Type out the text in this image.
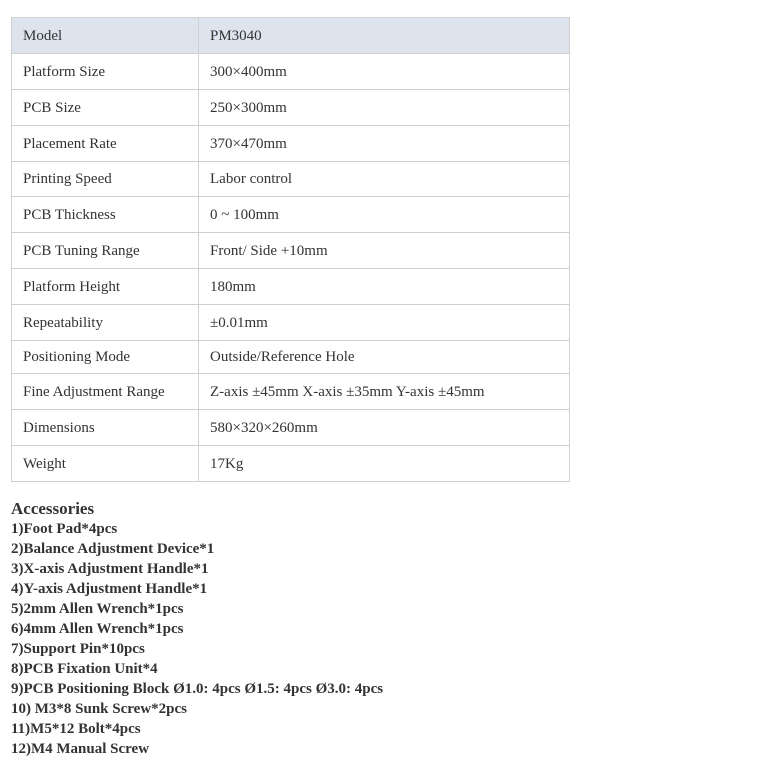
Model	PM3040
Platform Size	300×400mm
PCB Size	250×300mm
Placement Rate	370×470mm
Printing Speed	Labor control
PCB Thickness	0 ~ 100mm
PCB Tuning Range	Front/ Side +10mm
Platform Height	180mm
Repeatability	±0.01mm
Positioning Mode	Outside/Reference Hole
Fine Adjustment Range	Z-axis ±45mm X-axis ±35mm Y-axis ±45mm
Dimensions	580×320×260mm
Weight	17Kg
Accessories
1)Foot Pad*4pcs
2)Balance Adjustment Device*1
3)X-axis Adjustment Handle*1
4)Y-axis Adjustment Handle*1
5)2mm Allen Wrench*1pcs
6)4mm Allen Wrench*1pcs
7)Support Pin*10pcs
8)PCB Fixation Unit*4
9)PCB Positioning Block Ø1.0: 4pcs Ø1.5: 4pcs Ø3.0: 4pcs
10) M3*8 Sunk Screw*2pcs
11)M5*12 Bolt*4pcs
12)M4 Manual Screw
